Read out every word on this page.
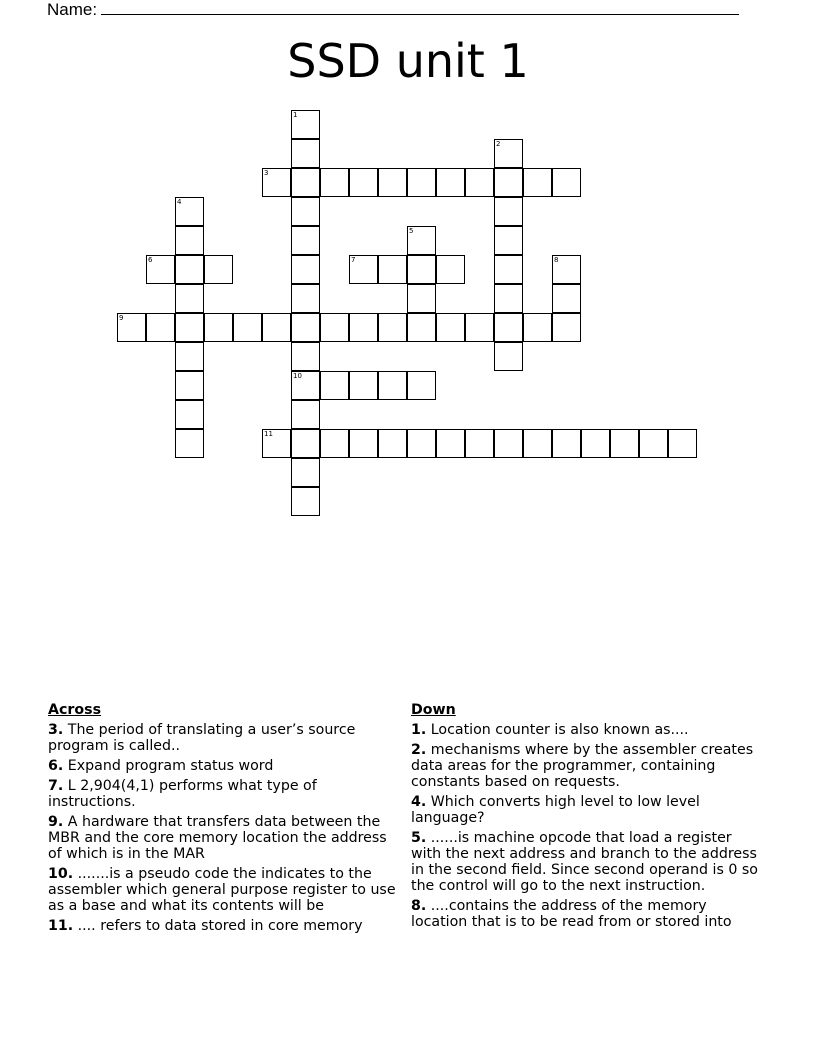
Name:
SSD unit 1
1
10
2
3
4
5
6	7	8
9
11
Across
3. The period of translating a user’s source program is called..
6. Expand program status word
7. L 2,904(4,1) performs what type of instructions.
9. A hardware that transfers data between the MBR and the core memory location the address of which is in the MAR
10. .......is a pseudo code the indicates to the assembler which general purpose register to use as a base and what its contents will be
11. .... refers to data stored in core memory
Down
1. Location counter is also known as....
2. mechanisms where by the assembler creates data areas for the programmer, containing constants based on requests.
4. Which converts high level to low level language?
5. ......is machine opcode that load a register with the next address and branch to the address in the second field. Since second operand is 0 so the control will go to the next instruction.
8. ....contains the address of the memory location that is to be read from or stored into
